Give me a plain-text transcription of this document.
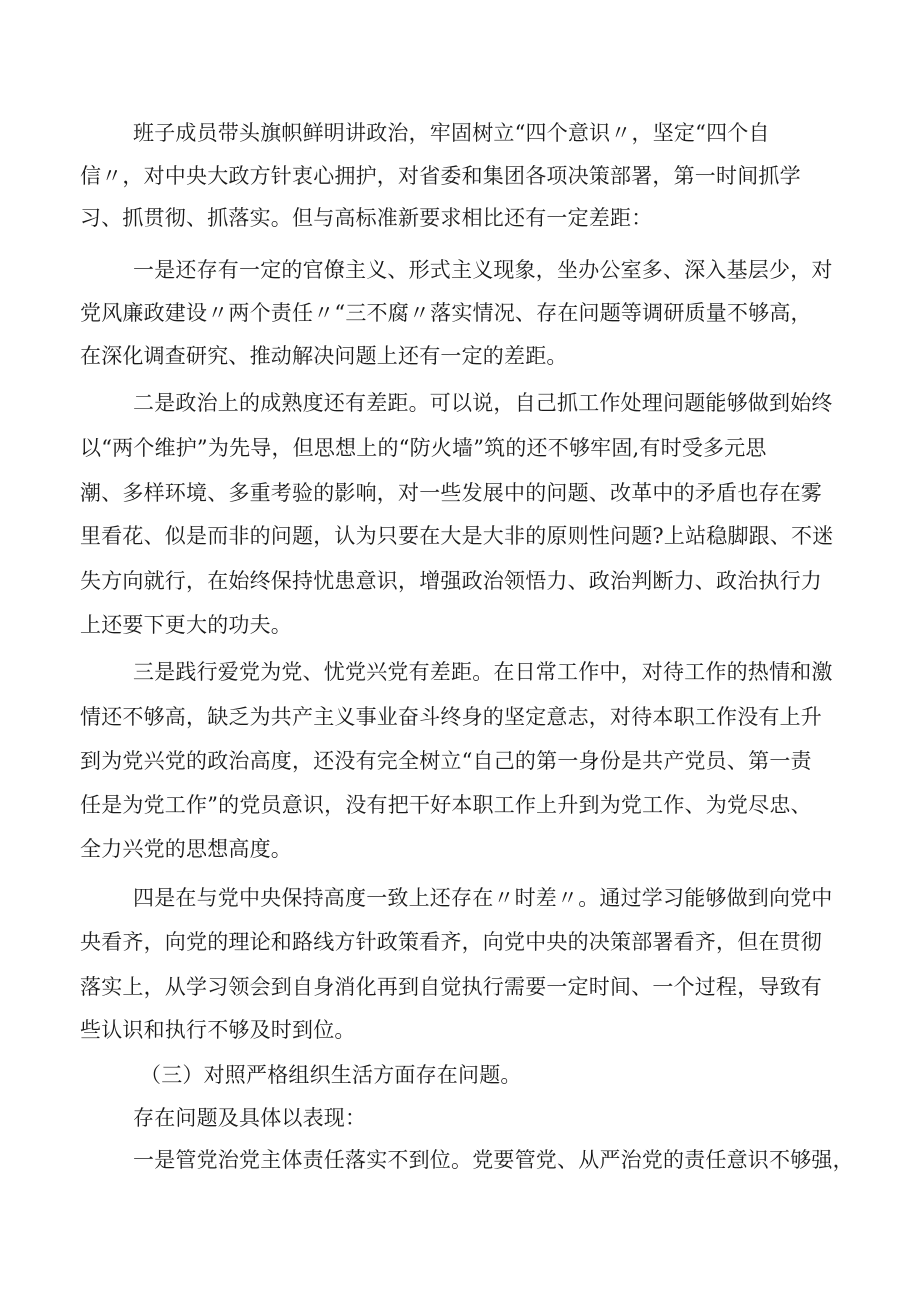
班子成员带头旗帜鲜明讲政治，牢固树立“四个意识〃，坚定“四个自
信〃，对中央大政方针衷心拥护，对省委和集团各项决策部署，第一时间抓学
习、抓贯彻、抓落实。但与高标准新要求相比还有一定差距：
一是还存有一定的官僚主义、形式主义现象，坐办公室多、深入基层少，对
党风廉政建设〃两个责任〃“三不腐〃落实情况、存在问题等调研质量不够高，
在深化调查研究、推动解决问题上还有一定的差距。
二是政治上的成熟度还有差距。可以说，自己抓工作处理问题能够做到始终
以“两个维护”为先导，但思想上的“防火墙”筑的还不够牢固,有时受多元思
潮、多样环境、多重考验的影响，对一些发展中的问题、改革中的矛盾也存在雾
里看花、似是而非的问题，认为只要在大是大非的原则性问题?上站稳脚跟、不迷
失方向就行，在始终保持忧患意识，增强政治领悟力、政治判断力、政治执行力
上还要下更大的功夫。
三是践行爱党为党、忧党兴党有差距。在日常工作中，对待工作的热情和激
情还不够高，缺乏为共产主义事业奋斗终身的坚定意志，对待本职工作没有上升
到为党兴党的政治高度，还没有完全树立“自己的第一身份是共产党员、第一责
任是为党工作”的党员意识，没有把干好本职工作上升到为党工作、为党尽忠、
全力兴党的思想高度。
四是在与党中央保持高度一致上还存在〃时差〃。通过学习能够做到向党中
央看齐，向党的理论和路线方针政策看齐，向党中央的决策部署看齐，但在贯彻
落实上，从学习领会到自身消化再到自觉执行需要一定时间、一个过程，导致有
些认识和执行不够及时到位。
（三）对照严格组织生活方面存在问题。
存在问题及具体以表现：
一是管党治党主体责任落实不到位。党要管党、从严治党的责任意识不够强，
